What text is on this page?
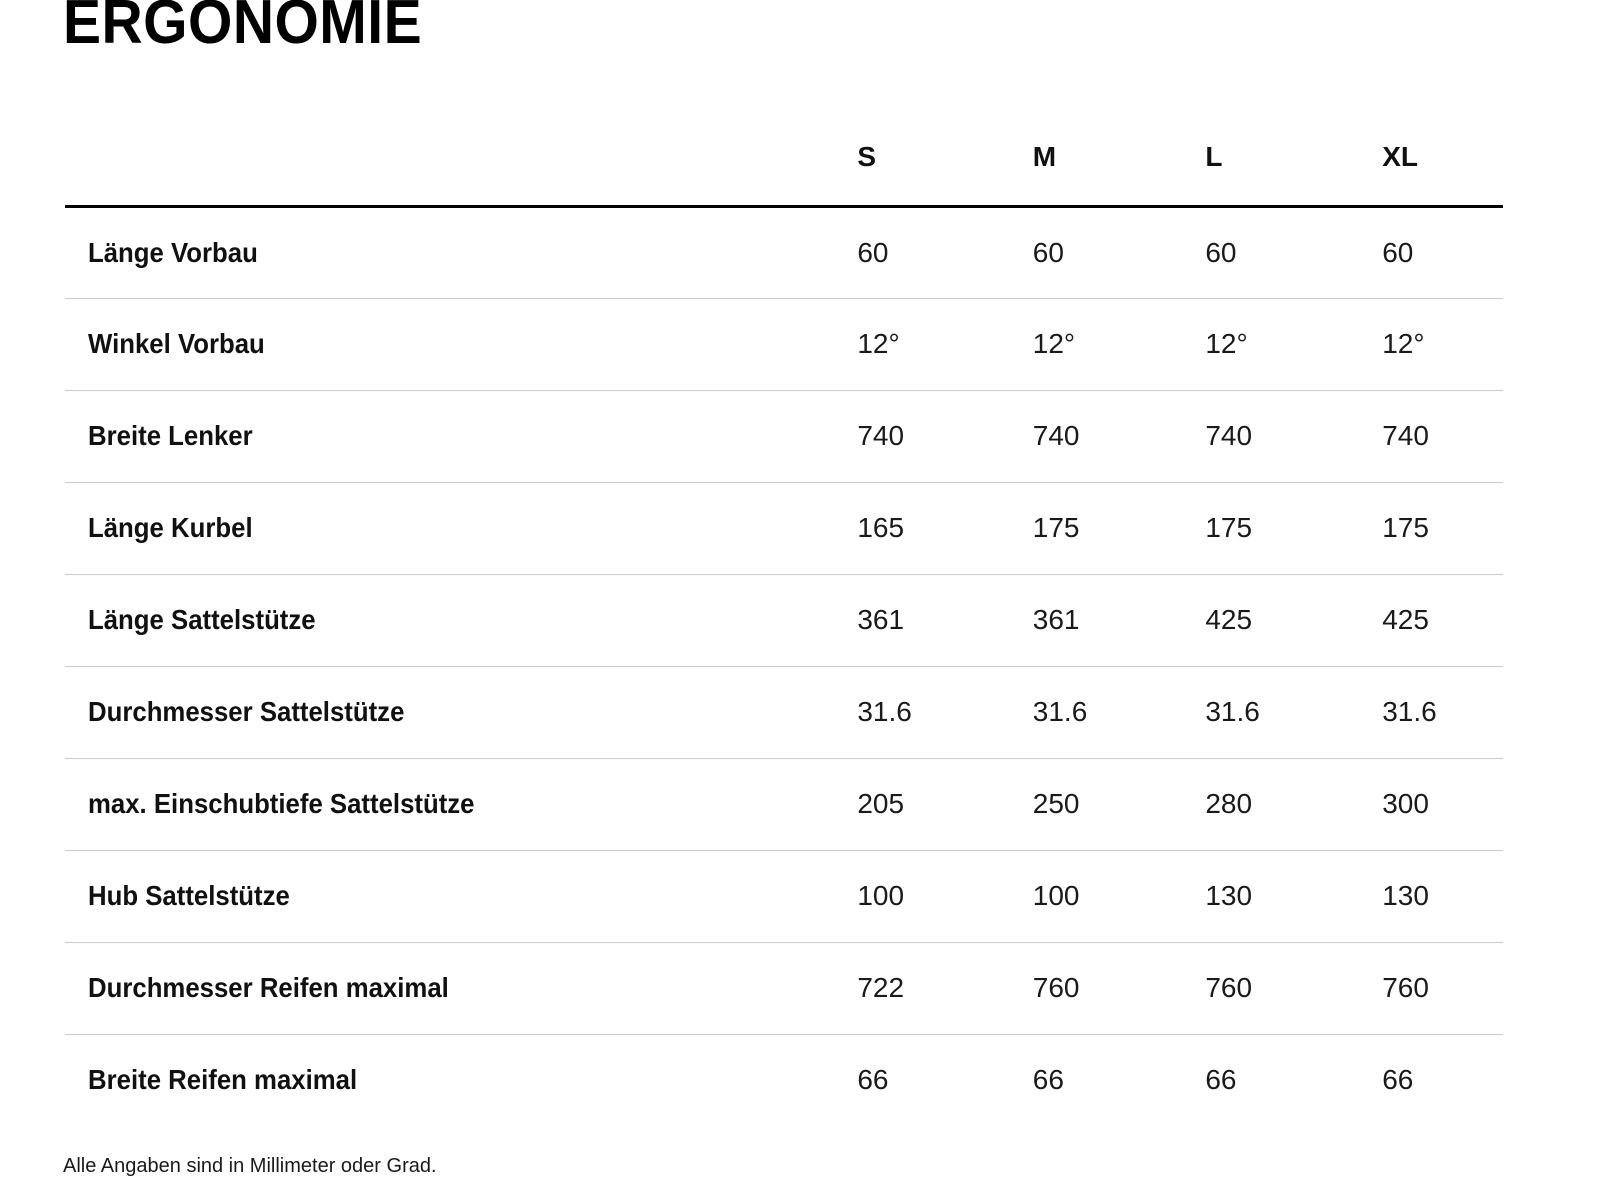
ERGONOMIE
	S	M	L	XL
Länge Vorbau	60	60	60	60
Winkel Vorbau	12°	12°	12°	12°
Breite Lenker	740	740	740	740
Länge Kurbel	165	175	175	175
Länge Sattelstütze	361	361	425	425
Durchmesser Sattelstütze	31.6	31.6	31.6	31.6
max. Einschubtiefe Sattelstütze	205	250	280	300
Hub Sattelstütze	100	100	130	130
Durchmesser Reifen maximal	722	760	760	760
Breite Reifen maximal	66	66	66	66

Alle Angaben sind in Millimeter oder Grad.
